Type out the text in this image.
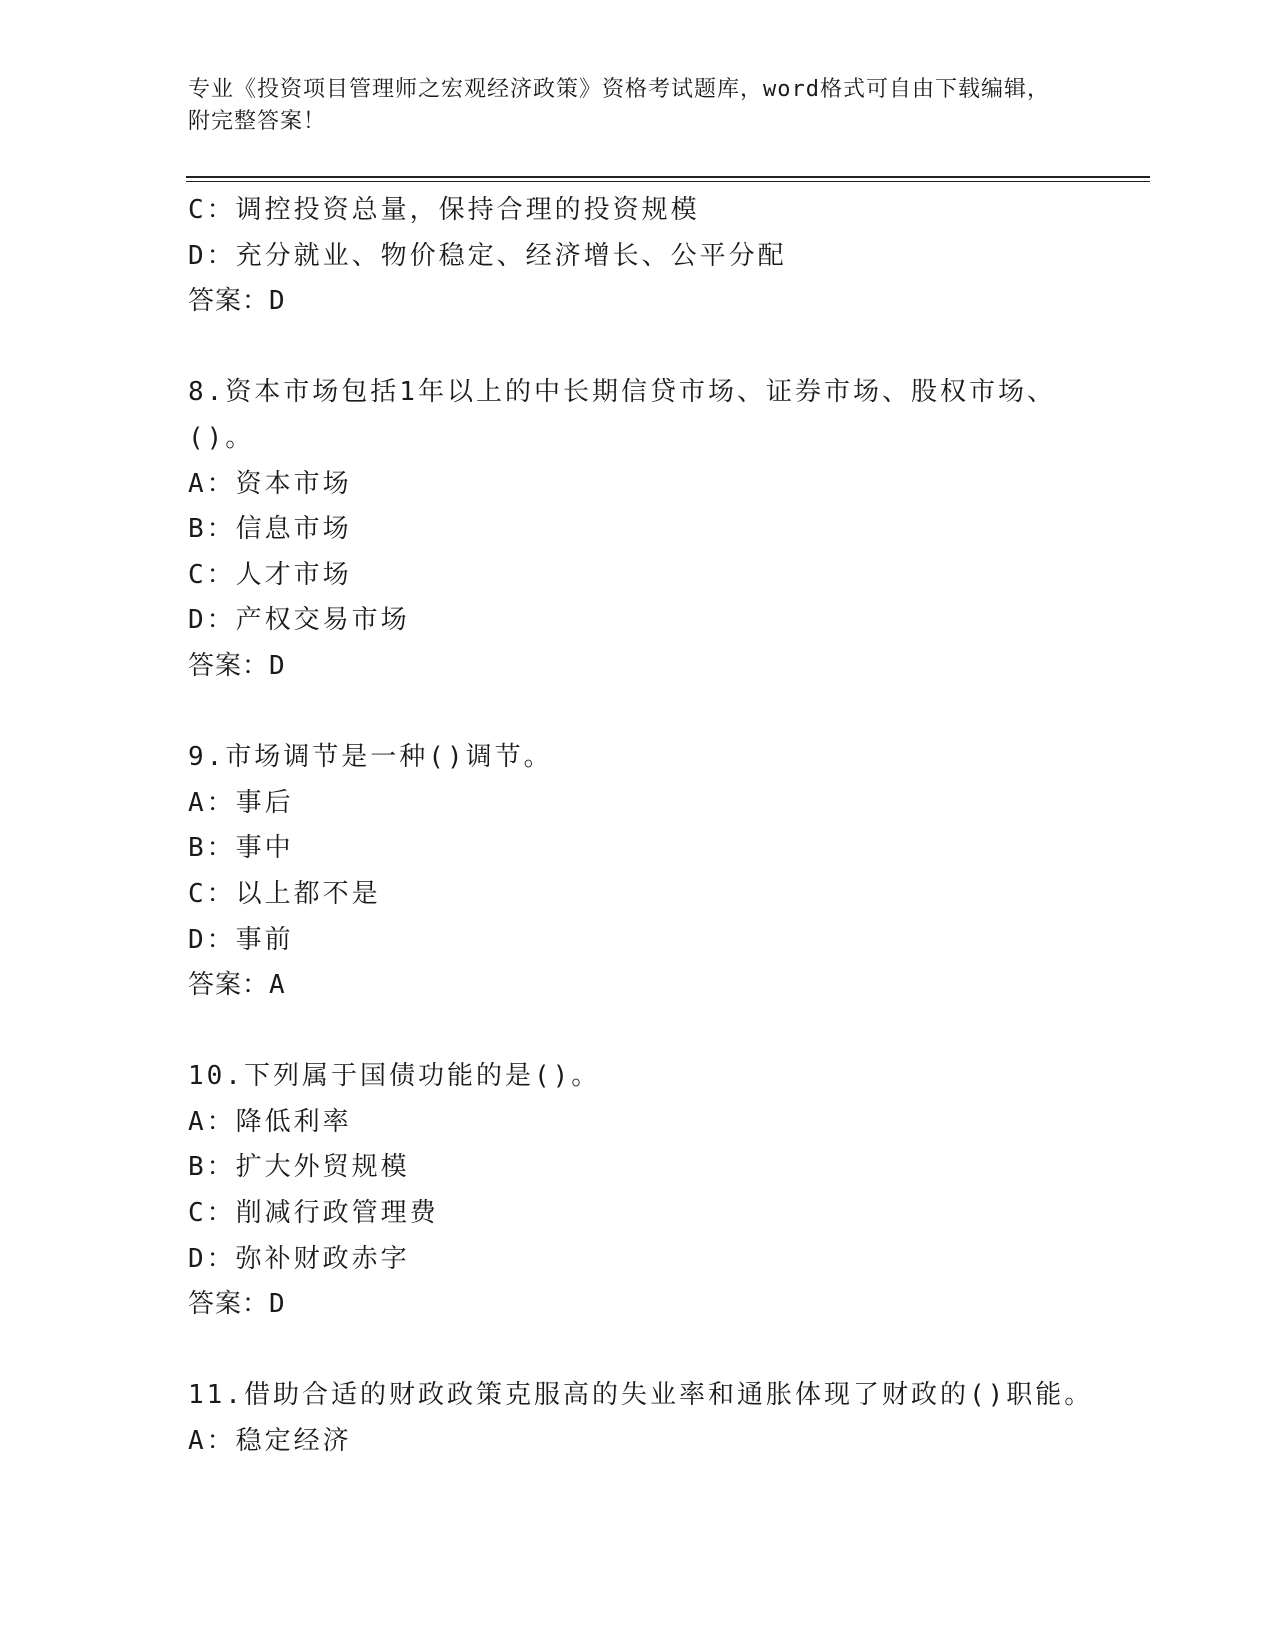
专业《投资项目管理师之宏观经济政策》资格考试题库，word格式可自由下载编辑，附完整答案！
C：调控投资总量，保持合理的投资规模
D：充分就业、物价稳定、经济增长、公平分配
答案：D
8.资本市场包括1年以上的中长期信贷市场、证券市场、股权市场、()。
A：资本市场
B：信息市场
C：人才市场
D：产权交易市场
答案：D
9.市场调节是一种()调节。
A：事后
B：事中
C：以上都不是
D：事前
答案：A
10.下列属于国债功能的是()。
A：降低利率
B：扩大外贸规模
C：削减行政管理费
D：弥补财政赤字
答案：D
11.借助合适的财政政策克服高的失业率和通胀体现了财政的()职能。
A：稳定经济
